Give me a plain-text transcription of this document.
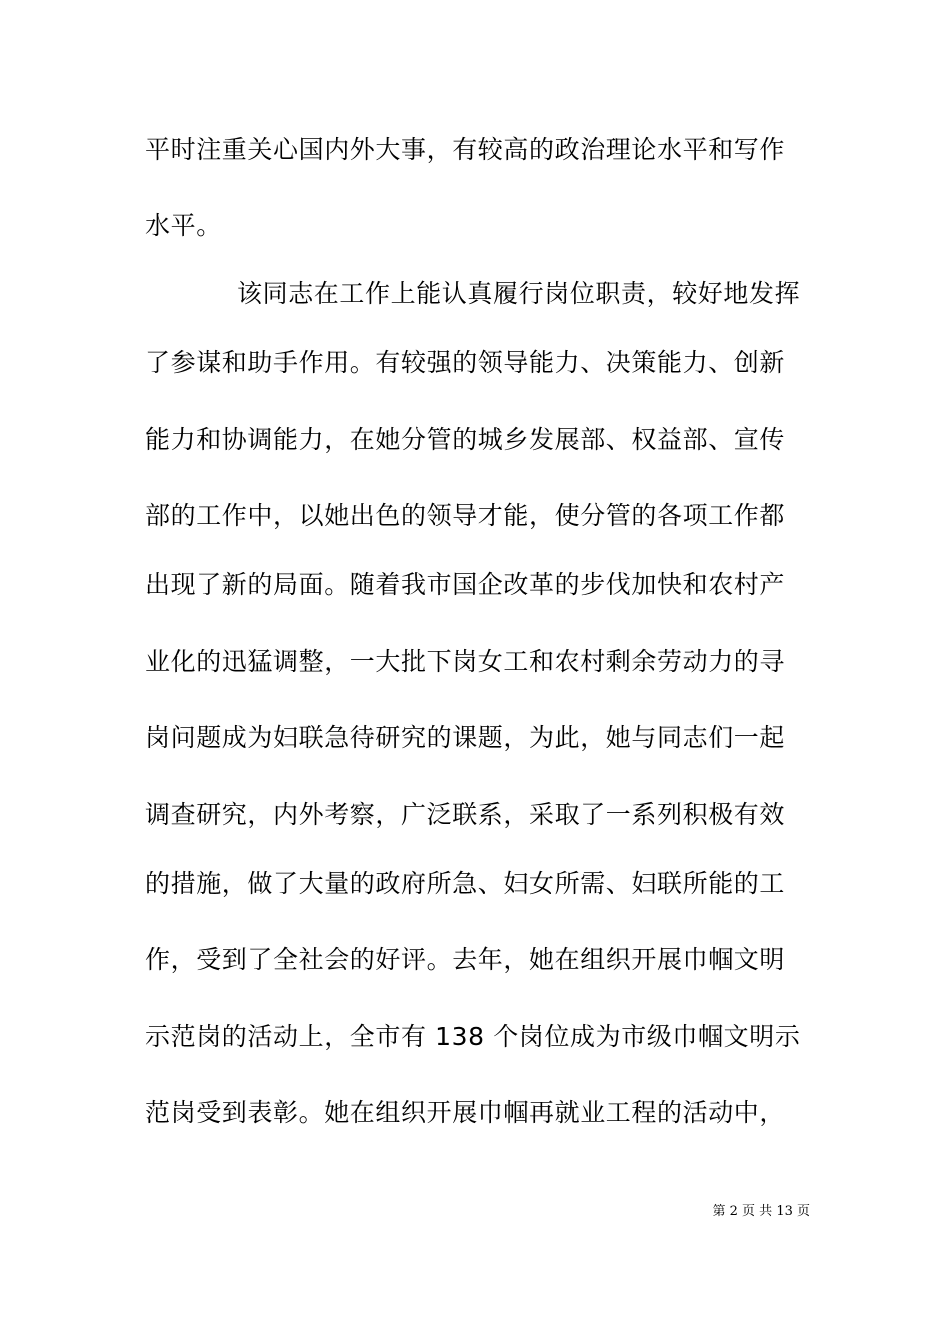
平时注重关心国内外大事，有较高的政治理论水平和写作
水平。
该同志在工作上能认真履行岗位职责，较好地发挥
了参谋和助手作用。有较强的领导能力、决策能力、创新
能力和协调能力，在她分管的城乡发展部、权益部、宣传
部的工作中，以她出色的领导才能，使分管的各项工作都
出现了新的局面。随着我市国企改革的步伐加快和农村产
业化的迅猛调整，一大批下岗女工和农村剩余劳动力的寻
岗问题成为妇联急待研究的课题，为此，她与同志们一起
调查研究，内外考察，广泛联系，采取了一系列积极有效
的措施，做了大量的政府所急、妇女所需、妇联所能的工
作，受到了全社会的好评。去年，她在组织开展巾帼文明
示范岗的活动上，全市有 138 个岗位成为市级巾帼文明示
范岗受到表彰。她在组织开展巾帼再就业工程的活动中，
第 2 页 共 13 页
